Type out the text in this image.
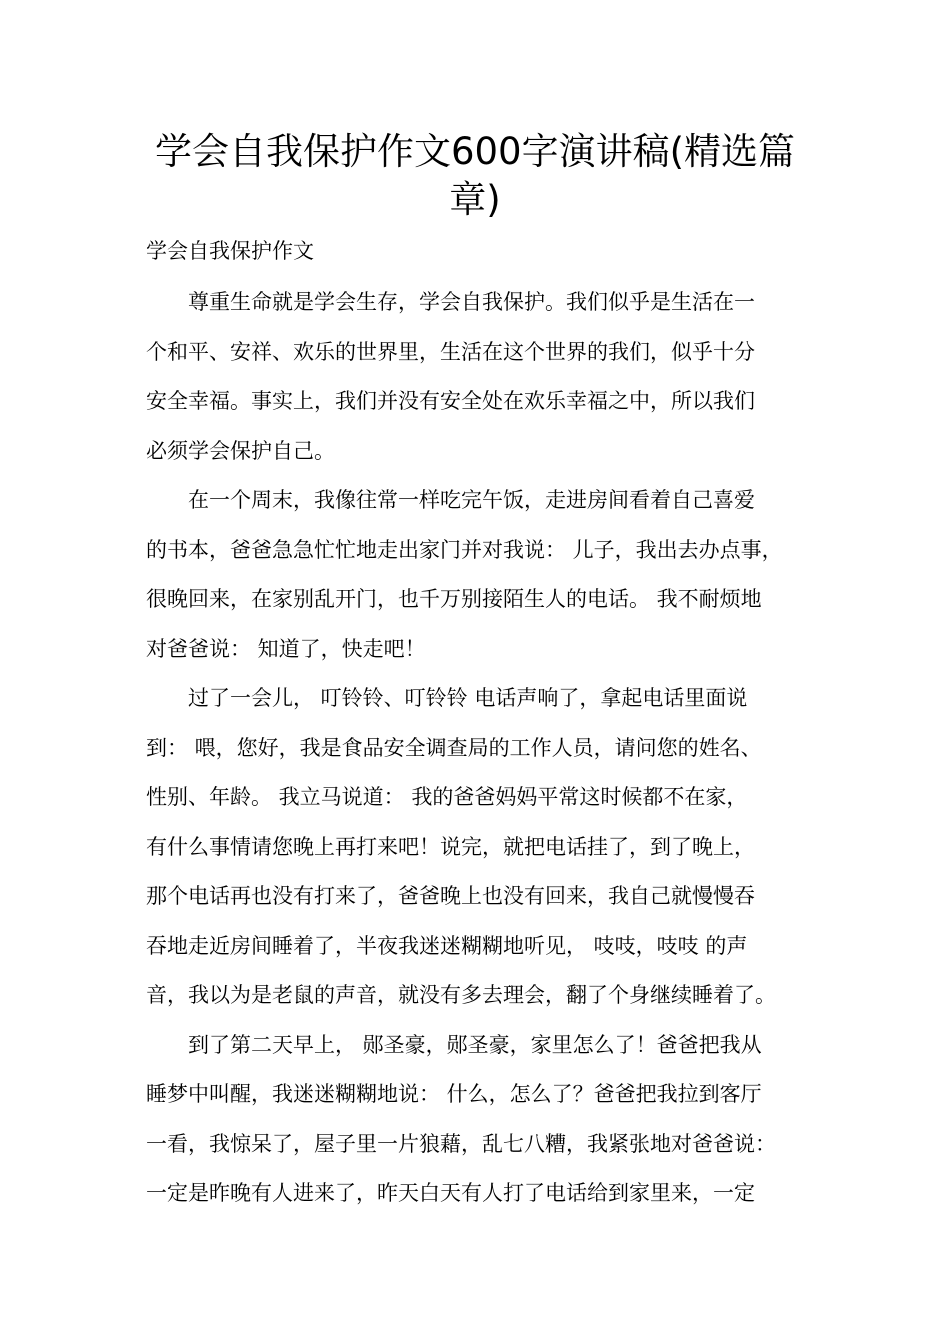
学会自我保护作文600字演讲稿(精选篇章)
学会自我保护作文
尊重生命就是学会生存，学会自我保护。我们似乎是生活在一
个和平、安祥、欢乐的世界里，生活在这个世界的我们，似乎十分
安全幸福。事实上，我们并没有安全处在欢乐幸福之中，所以我们
必须学会保护自己。
在一个周末，我像往常一样吃完午饭，走进房间看着自己喜爱
的书本，爸爸急急忙忙地走出家门并对我说： 儿子，我出去办点事，
很晚回来，在家别乱开门，也千万别接陌生人的电话。 我不耐烦地
对爸爸说： 知道了，快走吧！
过了一会儿， 叮铃铃、叮铃铃 电话声响了，拿起电话里面说
到： 喂，您好，我是食品安全调查局的工作人员，请问您的姓名、
性别、年龄。 我立马说道： 我的爸爸妈妈平常这时候都不在家，
有什么事情请您晚上再打来吧！说完，就把电话挂了，到了晚上，
那个电话再也没有打来了，爸爸晚上也没有回来，我自己就慢慢吞
吞地走近房间睡着了，半夜我迷迷糊糊地听见， 吱吱，吱吱 的声
音，我以为是老鼠的声音，就没有多去理会，翻了个身继续睡着了。
到了第二天早上， 郧圣豪，郧圣豪，家里怎么了！爸爸把我从
睡梦中叫醒，我迷迷糊糊地说： 什么，怎么了？爸爸把我拉到客厅
一看，我惊呆了，屋子里一片狼藉，乱七八糟，我紧张地对爸爸说：
一定是昨晚有人进来了，昨天白天有人打了电话给到家里来，一定
